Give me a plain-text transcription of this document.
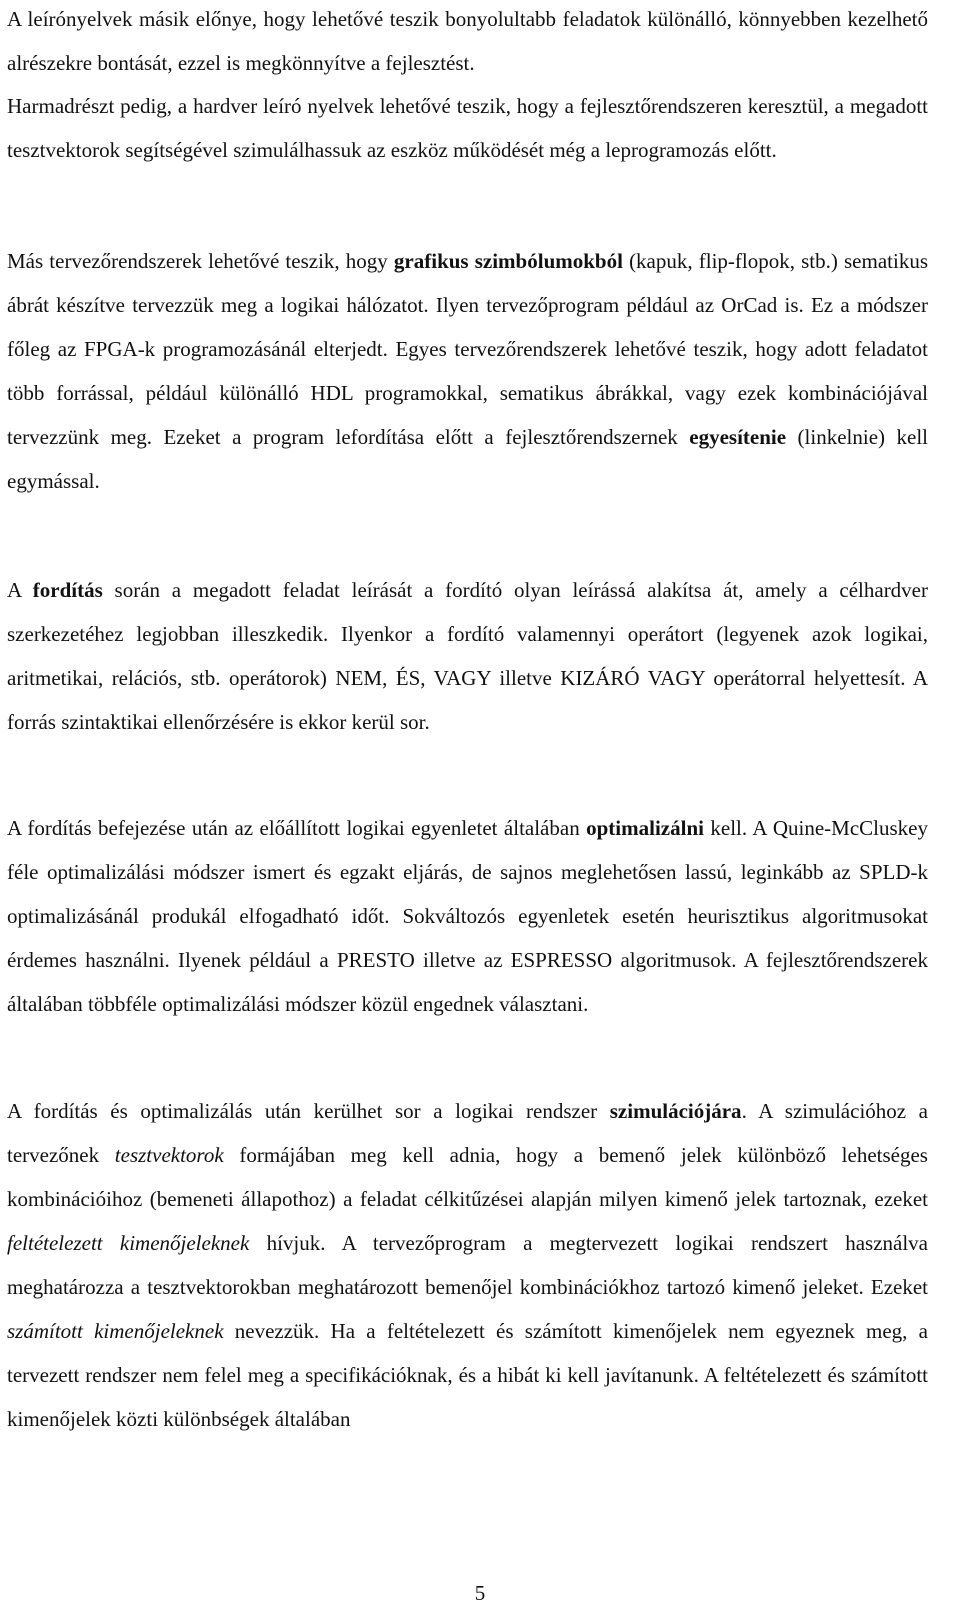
A leírónyelvek másik előnye, hogy lehetővé teszik bonyolultabb feladatok különálló, könnyebben kezelhető alrészekre bontását, ezzel is megkönnyítve a fejlesztést.

Harmadrészt pedig, a hardver leíró nyelvek lehetővé teszik, hogy a fejlesztőrendszeren keresztül, a megadott tesztvektorok segítségével szimulálhassuk az eszköz működését még a leprogramozás előtt.

Más tervezőrendszerek lehetővé teszik, hogy grafikus szimbólumokból (kapuk, flip-flopok, stb.) sematikus ábrát készítve tervezzük meg a logikai hálózatot. Ilyen tervezőprogram például az OrCad is. Ez a módszer főleg az FPGA-k programozásánál elterjedt. Egyes tervezőrendszerek lehetővé teszik, hogy adott feladatot több forrással, például különálló HDL programokkal, sematikus ábrákkal, vagy ezek kombinációjával tervezzünk meg. Ezeket a program lefordítása előtt a fejlesztőrendszernek egyesítenie (linkelnie) kell egymással.

A fordítás során a megadott feladat leírását a fordító olyan leírássá alakítsa át, amely a célhardver szerkezetéhez legjobban illeszkedik. Ilyenkor a fordító valamennyi operátort (legyenek azok logikai, aritmetikai, relációs, stb. operátorok) NEM, ÉS, VAGY illetve KIZÁRÓ VAGY operátorral helyettesít. A forrás szintaktikai ellenőrzésére is ekkor kerül sor.

A fordítás befejezése után az előállított logikai egyenletet általában optimalizálni kell. A Quine-McCluskey féle optimalizálási módszer ismert és egzakt eljárás, de sajnos meglehetősen lassú, leginkább az SPLD-k optimalizásánál produkál elfogadható időt. Sokváltozós egyenletek esetén heurisztikus algoritmusokat érdemes használni. Ilyenek például a PRESTO illetve az ESPRESSO algoritmusok. A fejlesztőrendszerek általában többféle optimalizálási módszer közül engednek választani.

A fordítás és optimalizálás után kerülhet sor a logikai rendszer szimulációjára. A szimulációhoz a tervezőnek tesztvektorok formájában meg kell adnia, hogy a bemenő jelek különböző lehetséges kombinációihoz (bemeneti állapothoz) a feladat célkitűzései alapján milyen kimenő jelek tartoznak, ezeket feltételezett kimenőjeleknek hívjuk. A tervezőprogram a megtervezett logikai rendszert használva meghatározza a tesztvektorokban meghatározott bemenőjel kombinációkhoz tartozó kimenő jeleket. Ezeket számított kimenőjeleknek nevezzük. Ha a feltételezett és számított kimenőjelek nem egyeznek meg, a tervezett rendszer nem felel meg a specifikációknak, és a hibát ki kell javítanunk. A feltételezett és számított kimenőjelek közti különbségek általában

5
